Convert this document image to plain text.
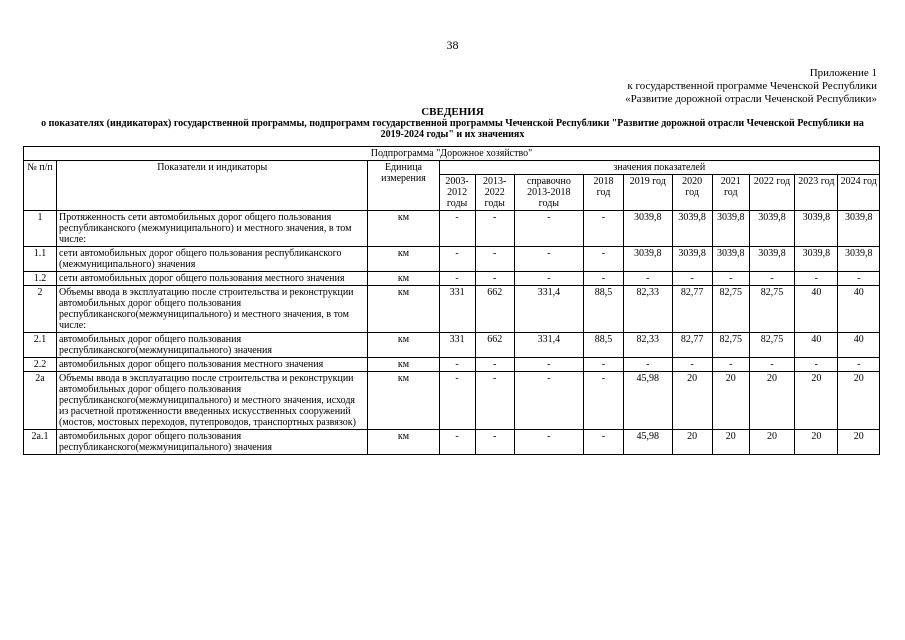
38
Приложение 1
к государственной программе Чеченской Республики
«Развитие дорожной отрасли Чеченской Республики»
СВЕДЕНИЯ
о показателях (индикаторах) государственной программы, подпрограмм государственной программы Чеченской Республики "Развитие дорожной отрасли Чеченской Республики на 2019-2024 годы" и их значениях
Подпрограмма "Дорожное хозяйство"												
№ п/п	Показатели и индикаторы	Единица измерения	значения показателей									
			2003-2012 годы	2013-2022 годы	справочно 2013-2018 годы	2018 год	2019 год	2020 год	2021 год	2022 год	2023 год	2024 год
1	Протяженность сети автомобильных дорог общего пользования республиканского (межмуниципального) и местного значения, в том числе:	км	-	-	-	-	3039,8	3039,8	3039,8	3039,8	3039,8	3039,8
1.1	сети автомобильных дорог общего пользования республиканского (межмуниципального) значения	км	-	-	-	-	3039,8	3039,8	3039,8	3039,8	3039,8	3039,8
1.2	сети автомобильных дорог общего пользования местного значения	км	-	-	-	-	-	-	-	-	-	-
2	Объемы ввода в эксплуатацию после строительства и реконструкции автомобильных дорог общего пользования республиканского(межмуниципального) и местного значения, в том числе:	км	331	662	331,4	88,5	82,33	82,77	82,75	82,75	40	40
2.1	автомобильных дорог общего пользования республиканского(межмуниципального) значения	км	331	662	331,4	88,5	82,33	82,77	82,75	82,75	40	40
2.2	автомобильных дорог общего пользования местного значения	км	-	-	-	-	-	-	-	-	-	-
2a	Объемы ввода в эксплуатацию после строительства и реконструкции автомобильных дорог общего пользования республиканского(межмуниципального) и местного значения, исходя из расчетной протяженности введенных искусственных сооружений (мостов, мостовых переходов, путепроводов, транспортных развязок)	км	-	-	-	-	45,98	20	20	20	20	20
2a.1	автомобильных дорог общего пользования республиканского(межмуниципального) значения	км	-	-	-	-	45,98	20	20	20	20	20
